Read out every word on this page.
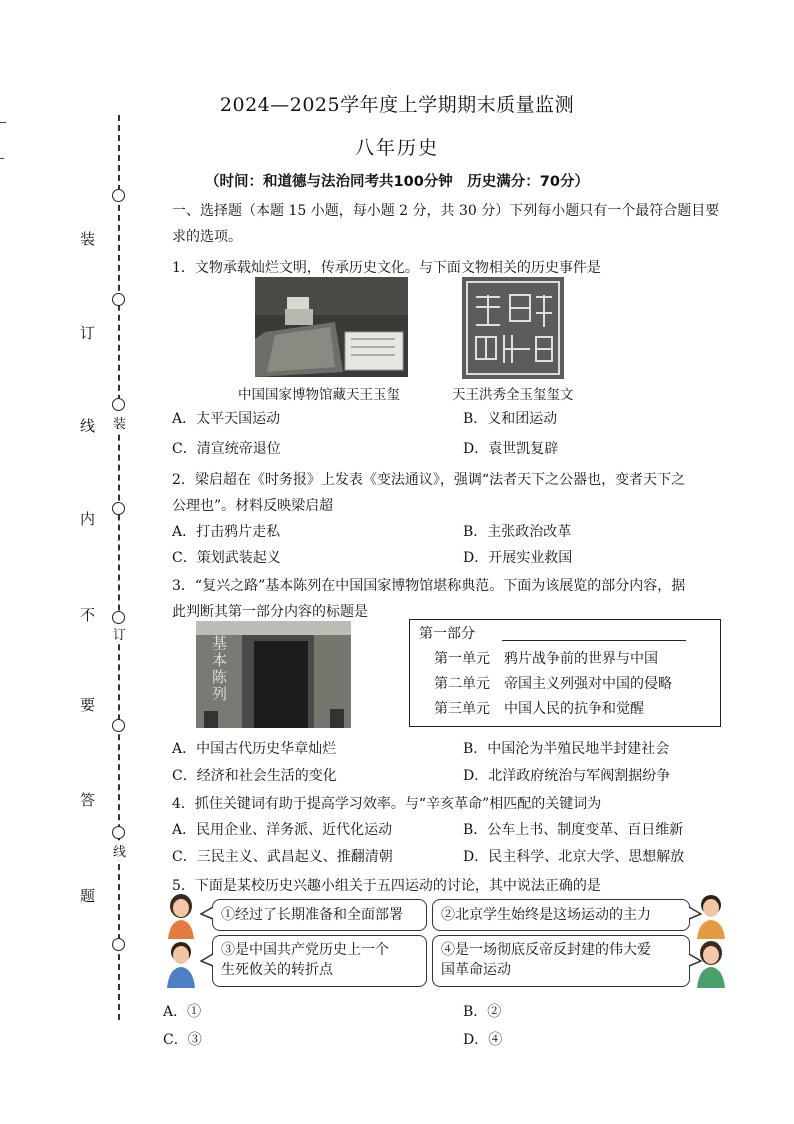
2024—2025学年度上学期期末质量监测
八年历史
（时间：和道德与法治同考共100分钟　历史满分：70分）
装
订
线
内
不
要
答
题
装
订
线
一、选择题（本题 15 小题，每小题 2 分，共 30 分）下列每小题只有一个最符合题目要
求的选项。
1．文物承载灿烂文明，传承历史文化。与下面文物相关的历史事件是
中国国家博物馆藏天王玉玺	天王洪秀全玉玺玺文
A．太平天国运动	B．义和团运动
C．清宣统帝退位	D．袁世凯复辟
2．梁启超在《时务报》上发表《变法通议》，强调“法者天下之公器也，变者天下之
公理也”。材料反映梁启超
A．打击鸦片走私	B．主张政治改革
C．策划武装起义	D．开展实业救国
3．“复兴之路”基本陈列在中国国家博物馆堪称典范。下面为该展览的部分内容，据
此判断其第一部分内容的标题是
基本陈列
第一部分
第一单元　 鸦片战争前的世界与中国
第二单元　 帝国主义列强对中国的侵略
第三单元　 中国人民的抗争和觉醒
A．中国古代历史华章灿烂	B．中国沦为半殖民地半封建社会
C．经济和社会生活的变化	D．北洋政府统治与军阀割据纷争
4．抓住关键词有助于提高学习效率。与“辛亥革命”相匹配的关键词为
A．民用企业、洋务派、近代化运动	B．公车上书、制度变革、百日维新
C．三民主义、武昌起义、推翻清朝	D．民主科学、北京大学、思想解放
5．下面是某校历史兴趣小组关于五四运动的讨论，其中说法正确的是
①经过了长期准备和全面部署	②北京学生始终是这场运动的主力
③是中国共产党历史上一个
生死攸关的转折点
④是一场彻底反帝反封建的伟大爱
国革命运动
A．①	B．②
C．③	D．④
